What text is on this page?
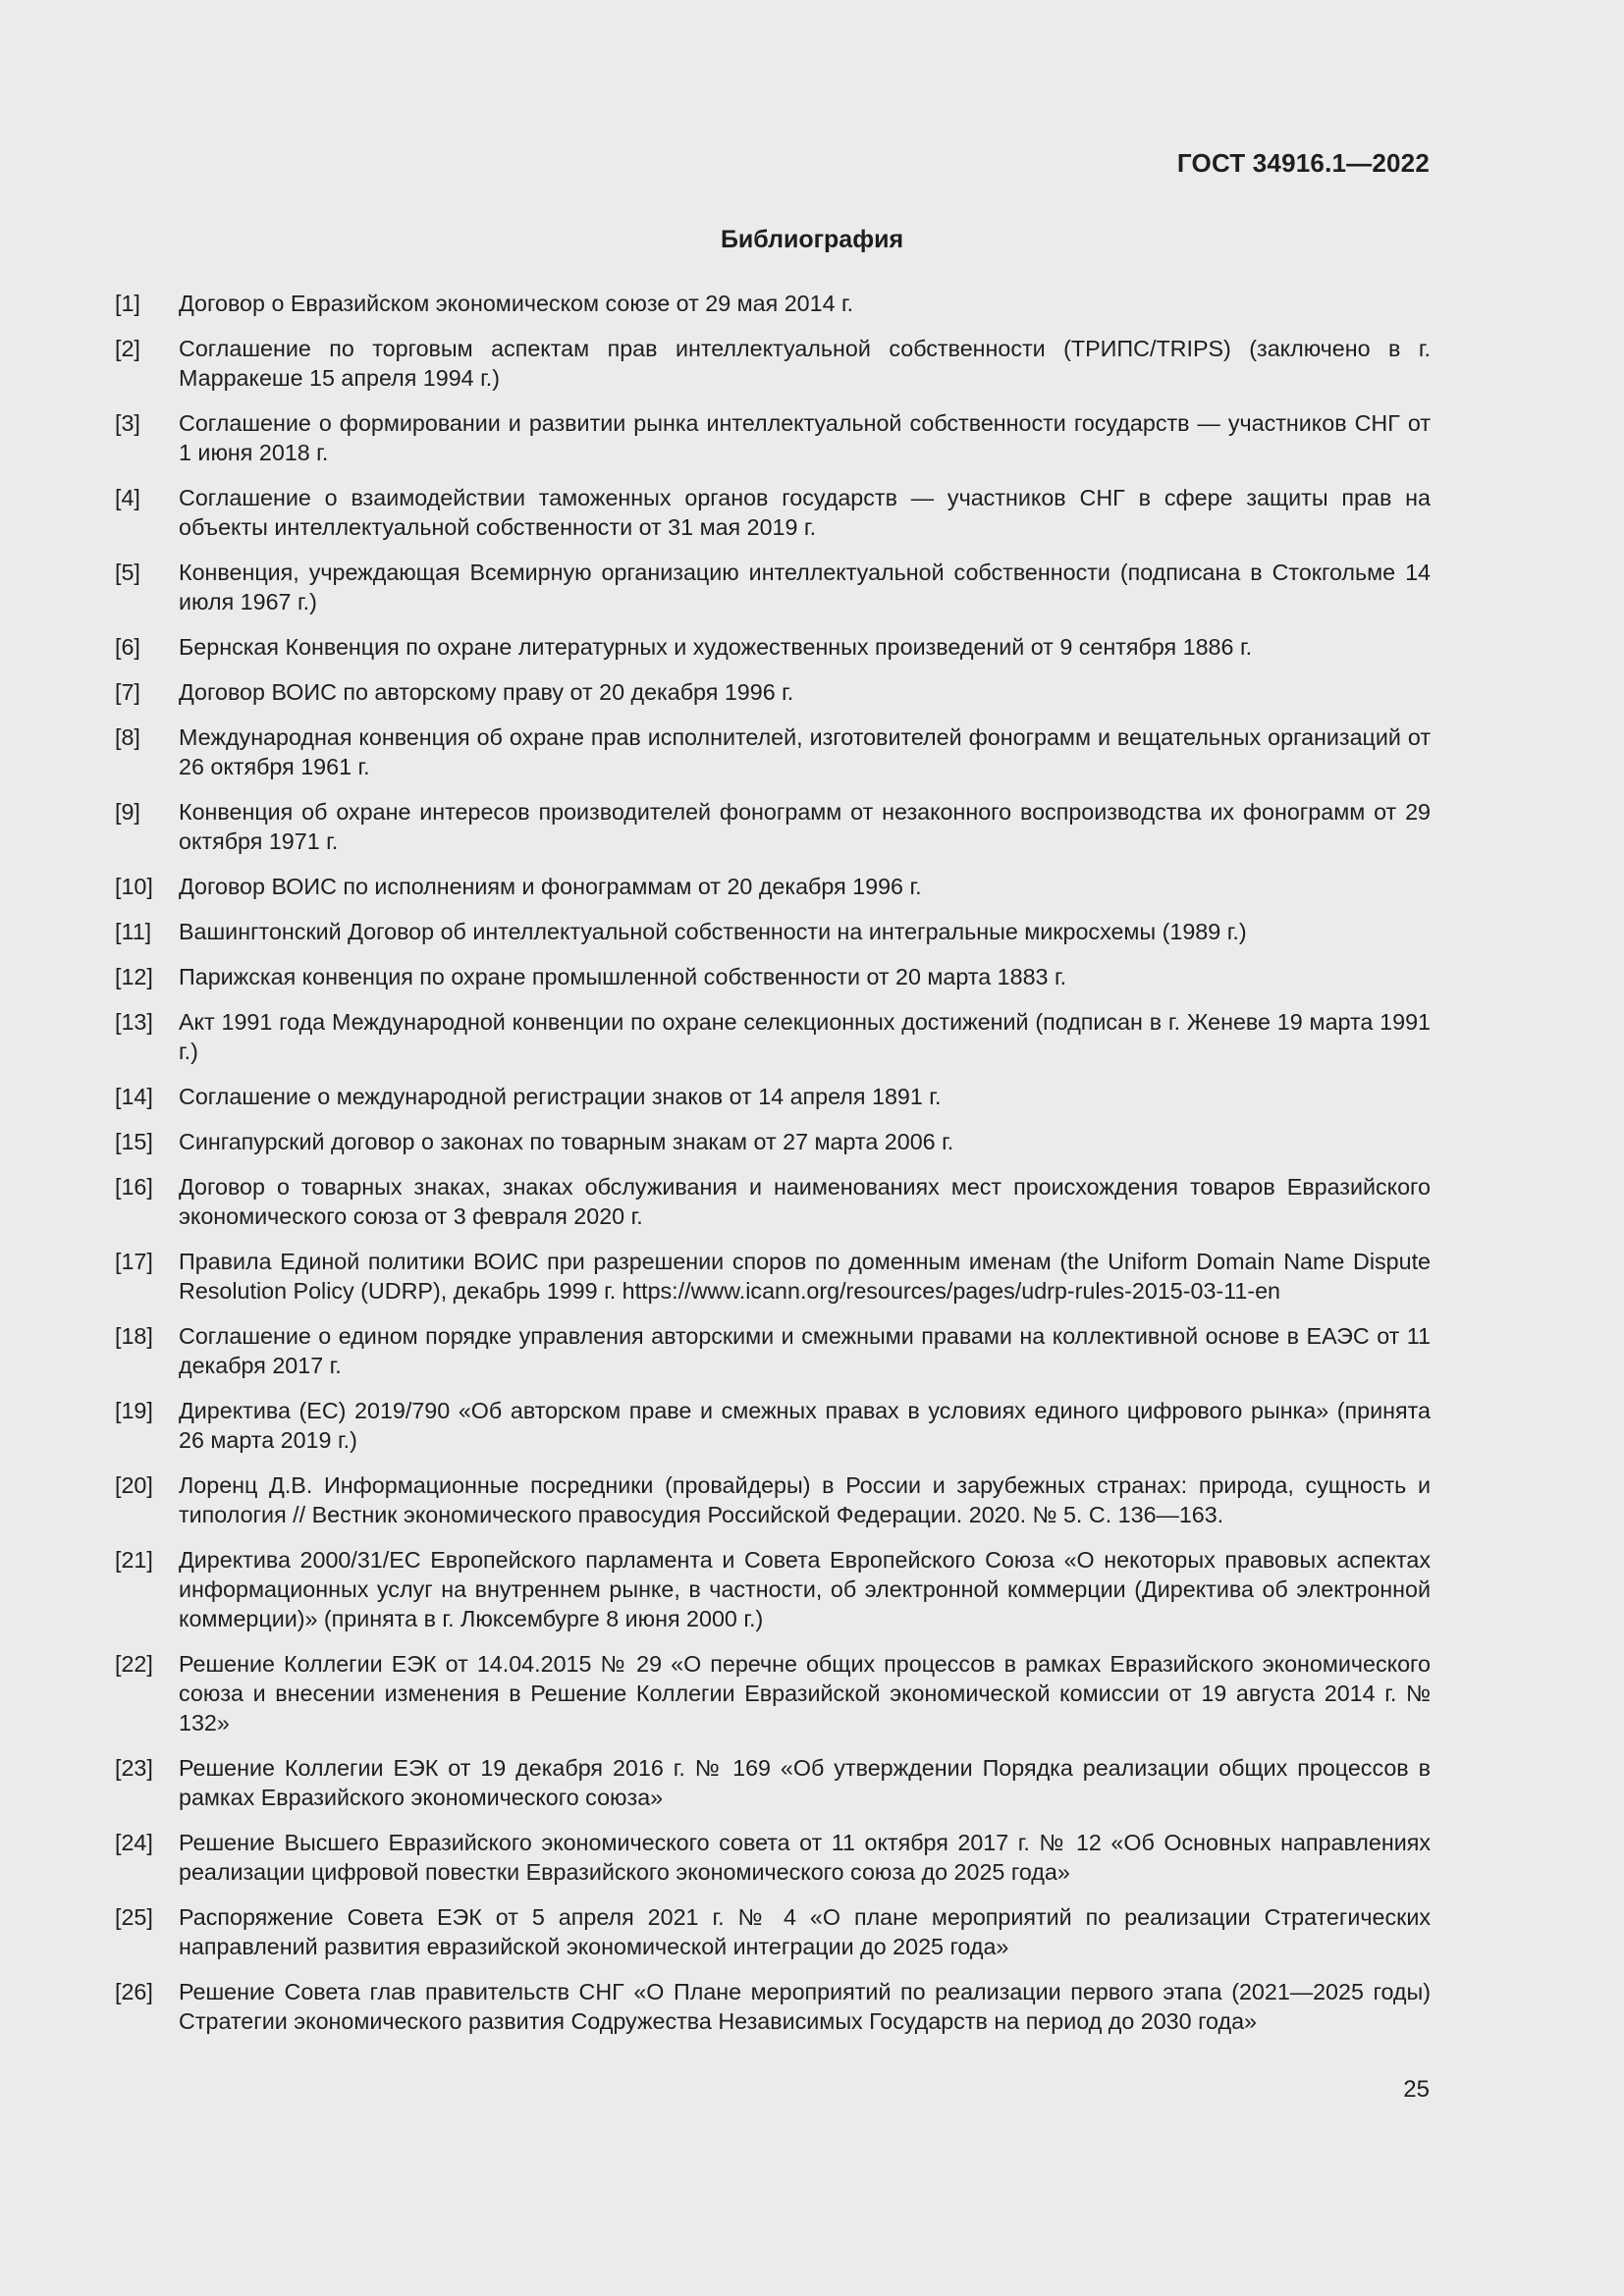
ГОСТ 34916.1—2022
Библиография
[1] Договор о Евразийском экономическом союзе от 29 мая 2014 г.
[2] Соглашение по торговым аспектам прав интеллектуальной собственности (ТРИПС/TRIPS) (заключено в г. Марракеше 15 апреля 1994 г.)
[3] Соглашение о формировании и развитии рынка интеллектуальной собственности государств — участников СНГ от 1 июня 2018 г.
[4] Соглашение о взаимодействии таможенных органов государств — участников СНГ в сфере защиты прав на объекты интеллектуальной собственности от 31 мая 2019 г.
[5] Конвенция, учреждающая Всемирную организацию интеллектуальной собственности (подписана в Стокгольме 14 июля 1967 г.)
[6] Бернская Конвенция по охране литературных и художественных произведений от 9 сентября 1886 г.
[7] Договор ВОИС по авторскому праву от 20 декабря 1996 г.
[8] Международная конвенция об охране прав исполнителей, изготовителей фонограмм и вещательных организаций от 26 октября 1961 г.
[9] Конвенция об охране интересов производителей фонограмм от незаконного воспроизводства их фонограмм от 29 октября 1971 г.
[10] Договор ВОИС по исполнениям и фонограммам от 20 декабря 1996 г.
[11] Вашингтонский Договор об интеллектуальной собственности на интегральные микросхемы (1989 г.)
[12] Парижская конвенция по охране промышленной собственности от 20 марта 1883 г.
[13] Акт 1991 года Международной конвенции по охране селекционных достижений (подписан в г. Женеве 19 марта 1991 г.)
[14] Соглашение о международной регистрации знаков от 14 апреля 1891 г.
[15] Сингапурский договор о законах по товарным знакам от 27 марта 2006 г.
[16] Договор о товарных знаках, знаках обслуживания и наименованиях мест происхождения товаров Евразийского экономического союза от 3 февраля 2020 г.
[17] Правила Единой политики ВОИС при разрешении споров по доменным именам (the Uniform Domain Name Dispute Resolution Policy (UDRP), декабрь 1999 г. https://www.icann.org/resources/pages/udrp-rules-2015-03-11-en
[18] Соглашение о едином порядке управления авторскими и смежными правами на коллективной основе в ЕАЭС от 11 декабря 2017 г.
[19] Директива (ЕС) 2019/790 «Об авторском праве и смежных правах в условиях единого цифрового рынка» (принята 26 марта 2019 г.)
[20] Лоренц Д.В. Информационные посредники (провайдеры) в России и зарубежных странах: природа, сущность и типология // Вестник экономического правосудия Российской Федерации. 2020. № 5. С. 136—163.
[21] Директива 2000/31/ЕС Европейского парламента и Совета Европейского Союза «О некоторых правовых аспектах информационных услуг на внутреннем рынке, в частности, об электронной коммерции (Директива об электронной коммерции)» (принята в г. Люксембурге 8 июня 2000 г.)
[22] Решение Коллегии ЕЭК от 14.04.2015 № 29 «О перечне общих процессов в рамках Евразийского экономического союза и внесении изменения в Решение Коллегии Евразийской экономической комиссии от 19 августа 2014 г. № 132»
[23] Решение Коллегии ЕЭК от 19 декабря 2016 г. № 169 «Об утверждении Порядка реализации общих процессов в рамках Евразийского экономического союза»
[24] Решение Высшего Евразийского экономического совета от 11 октября 2017 г. № 12 «Об Основных направлениях реализации цифровой повестки Евразийского экономического союза до 2025 года»
[25] Распоряжение Совета ЕЭК от 5 апреля 2021 г. № 4 «О плане мероприятий по реализации Стратегических направлений развития евразийской экономической интеграции до 2025 года»
[26] Решение Совета глав правительств СНГ «О Плане мероприятий по реализации первого этапа (2021—2025 годы) Стратегии экономического развития Содружества Независимых Государств на период до 2030 года»
25
